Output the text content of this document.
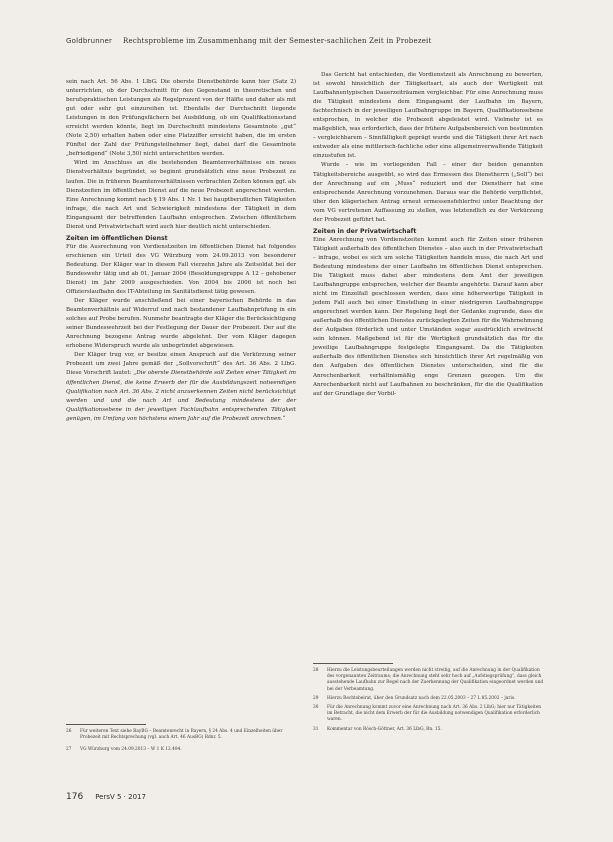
Goldbrunner Rechtsprobleme im Zusammenhang mit der Semester-sachlichen Zeit in Probezeit

sein nach Art. 56 Abs. 1 LlbG. Die oberste Dienstbehörde kann hier (Satz 2) unterrichten, ob der Durchschnitt für den Gegenstand in theoretischen und berufspraktischen Leistungen als Regelprozent von der Hälfte und daher als mit gut oder sehr gut einzureihen ist. Ebenfalls der Durchschnitt liegende Leistungen in den Prüfungsfächern bei Ausbildung, ob ein Qualifikationsstand erreicht werden könnte, liegt im Durchschnitt mindestens Gesamtnote „gut“ (Note 2,50) erhalten haben oder eine Platzziffer erreicht haben, die im ersten Fünftel der Zahl der Prüfungsteilnehmer liegt, dabei darf die Gesamtnote „befriedigend“ (Note 3,50) nicht unterschritten werden.

Wird im Anschluss an die bestehenden Beamtenverhältnisse ein neues Dienstverhältnis begründet, so beginnt grundsätzlich eine neue Probezeit zu laufen. Die in früheren Beamtenverhältnissen verbrachten Zeiten können ggf. als Dienstzeiten im öffentlichen Dienst auf die neue Probezeit angerechnet werden. Eine Anrechnung kommt nach § 19 Abs. 1 Nr. 1 bei hauptberuflichen Tätigkeiten infrage, die nach Art und Schwierigkeit mindestens der Tätigkeit in dem Eingangsamt der betreffenden Laufbahn entsprechen. Zwischen öffentlichem Dienst und Privatwirtschaft wird auch hier deutlich nicht unterschieden.

Zeiten im öffentlichen Dienst

Für die Ausrechnung von Vordienstzeiten im öffentlichen Dienst hat folgendes erschienen ein Urteil des VG Würzburg vom 24.09.2013 von besonderer Bedeutung. Der Kläger war in diesem Fall vierzehn Jahre als Zeitsoldat bei der Bundeswehr tätig und ab 01. Januar 2004 (Besoldungsgruppe A 12 – gehobener Dienst) im Jahr 2009 ausgeschieden. Von 2004 bis 2006 ist noch bei Offizierslaufbahn des IT-Abteilung im Sanitätsdienst tätig gewesen.

Der Kläger wurde anschließend bei einer bayerischen Behörde in das Beamtenverhältnis auf Widerruf und nach bestandener Laufbahnprüfung in ein solches auf Probe berufen. Nunmehr beantragte der Kläger die Berücksichtigung seiner Bundeswehrzeit bei der Festlegung der Dauer der Probezeit. Der auf die Anrechnung bezogene Antrag wurde abgelehnt. Der vom Kläger dagegen erhobene Widerspruch wurde als unbegründet abgewiesen.

Der Kläger trug vor, er besitze einen Anspruch auf die Verkürzung seiner Probezeit um zwei Jahre gemäß der „Sollvorschrift“ des Art. 36 Abs. 2 LlbG. Diese Vorschrift lautet: „Die oberste Dienstbehörde soll Zeiten einer Tätigkeit im öffentlichen Dienst, die keine Erwerb der für die Ausbildungszeit notwendigen Qualifikation nach Art. 36 Abs. 2 nicht anzuerkennen Zeiten nicht berücksichtigt werden und und die nach Art und Bedeutung mindestens der der Qualifikationsebene in der jeweiligen Fachlaufbahn entsprechenden Tätigkeit genügen, im Umfang von höchstens einem Jahr auf die Probezeit anrechnen.“

Das Gericht hat entschieden, die Vordienstzeit als Anrechnung zu bewerten, ist sowohl hinsichtlich der Tätigkeitsart, als auch der Wertigkeit mit Laufbahnentypischen Dauerzeiträumen vergleichbar. Für eine Anrechnung muss die Tätigkeit mindestens dem Eingangsamt der Laufbahn im Bayern, fachtechnisch in der jeweiligen Laufbahngruppe im Bayern, Qualifikationsebene entsprochen, in welcher die Probezeit abgeleistet wird. Vielmehr ist es maßgeblich, was erforderlich, dass der frühere Aufgabenbereich von bestimmten – vergleichbarem – Sinnfälligkeit geprägt wurde und die Tätigkeit ihrer Art nach entweder als eine mittlerisch-fachliche oder eine allgemeinverwaltende Tätigkeit einzustufen ist.

Wurde – wie im vorliegenden Fall – einer der beiden genannten Tätigkeitsbereiche ausgeübt, so wird das Ermessen des Dienstherrn („Soll“) bei der Anrechnung auf ein „Muss“ reduziert und der Dienstherr hat eine entsprechende Anrechnung vorzunehmen. Daraus war die Behörde verpflichtet, über den klägerischen Antrag erneut ermessensfehlerfrei unter Beachtung der vom VG vertretenen Auffassung zu stellen, was letztendlich zu der Verkürzung der Probezeit geführt hat.

Zeiten in der Privatwirtschaft

Eine Anrechnung von Vordienstzeiten kommt auch für Zeiten einer früheren Tätigkeit außerhalb des öffentlichen Dienstes – also auch in der Privatwirtschaft – infrage, wobei es sich um solche Tätigkeiten handeln muss, die nach Art und Bedeutung mindestens der einer Laufbahn im öffentlichen Dienst entsprechen. Die Tätigkeit muss dabei aber mindestens dem Amt der jeweiligen Laufbahngruppe entsprechen, welcher der Beamte angehörte. Darauf kann aber nicht im Einzelfall geschlossen werden, dass eine höherwertige Tätigkeit in jedem Fall auch bei einer Einstellung in einer niedrigeren Laufbahngruppe angerechnet werden kann. Der Regelung liegt der Gedanke zugrunde, dass die außerhalb des öffentlichen Dienstes zurückgelegten Zeiten für die Wahrnehmung der Aufgaben förderlich und unter Umständen sogar ausdrücklich erwünscht sein können. Maßgebend ist für die Wertigkeit grundsätzlich das für die jeweilige Laufbahngruppe festgelegte Eingangsamt. Da die Tätigkeiten außerhalb des öffentlichen Dienstes sich hinsichtlich ihrer Art regelmäßig von den Aufgaben des öffentlichen Dienstes unterscheiden, sind für die Anrechenbarkeit verhältnismäßig enge Grenzen gezogen. Um die Anrechenbarkeit nicht auf Laufbahnen zu beschränken, für die die Qualifikation auf der Grundlage der Vorbil-

26	Für weiteren Text siehe BayBG – Beamtenrecht in Bayern, § 24 Abs. 4 und Einzelheiten über Probezeit mit Rechtsprechung (vgl. auch Art. 46 AusBG) Rdnr. 5.
27	VG Würzburg vom 24.09.2013 – W 1 K 12.494.
28	Hierzu die Leistungsbeurteilungen werden nicht streitig, auf die Anrechnung in der Qualifikation des vorgenannten Zeitraums; die Anrechnung steht sehr hoch auf „Aufstiegsprüfung“, dass gleich ausstehende Laufbahn zur Regel nach der Zuerkennung der Qualifikation eingeordnet werden und bei der Verbeamtung.
29	Hierzu Rechtsbeirat, über den Grundsatz nach dem 22.05.2003 – 27 L 85.2002 – juris.
30	Für die Anrechnung kommt zuvor eine Anrechnung nach Art. 36 Abs. 2 LlbG; hier nur Tätigkeiten im Betracht, die nicht dem Erwerb der für die Ausbildung notwendigen Qualifikation erforderlich waren.
31	Kommentar von Rösch-Göttner, Art. 36 LlbG, Rn. 15.
176 PersV 5 · 2017
